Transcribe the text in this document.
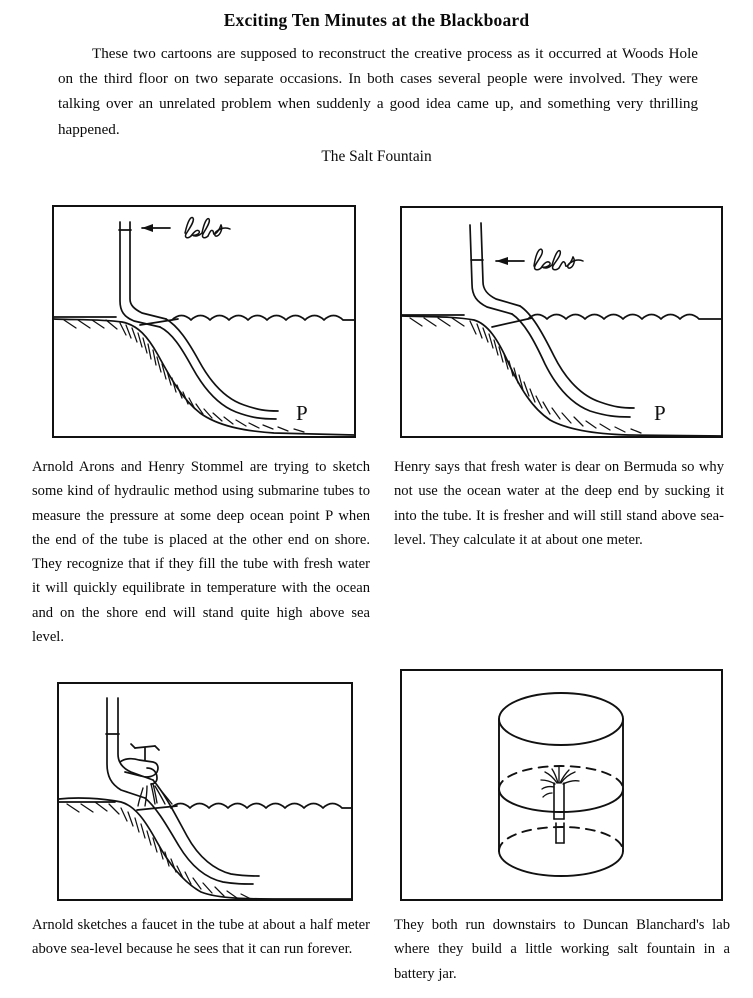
Exciting Ten Minutes at the Blackboard
These two cartoons are supposed to reconstruct the creative process as it occurred at Woods Hole on the third floor on two separate occasions. In both cases several people were involved. They were talking over an unrelated problem when suddenly a good idea came up, and something very thrilling happened.
The Salt Fountain
P	P
Arnold Arons and Henry Stommel are trying to sketch some kind of hydraulic method using submarine tubes to measure the pressure at some deep ocean point P when the end of the tube is placed at the other end on shore. They recognize that if they fill the tube with fresh water it will quickly equilibrate in temperature with the ocean and on the shore end will stand quite high above sea level.
Henry says that fresh water is dear on Bermuda so why not use the ocean water at the deep end by sucking it into the tube. It is fresher and will still stand above sea-level. They calculate it at about one meter.
Arnold sketches a faucet in the tube at about a half meter above sea-level because he sees that it can run forever.
They both run downstairs to Duncan Blanchard's lab where they build a little working salt fountain in a battery jar.
